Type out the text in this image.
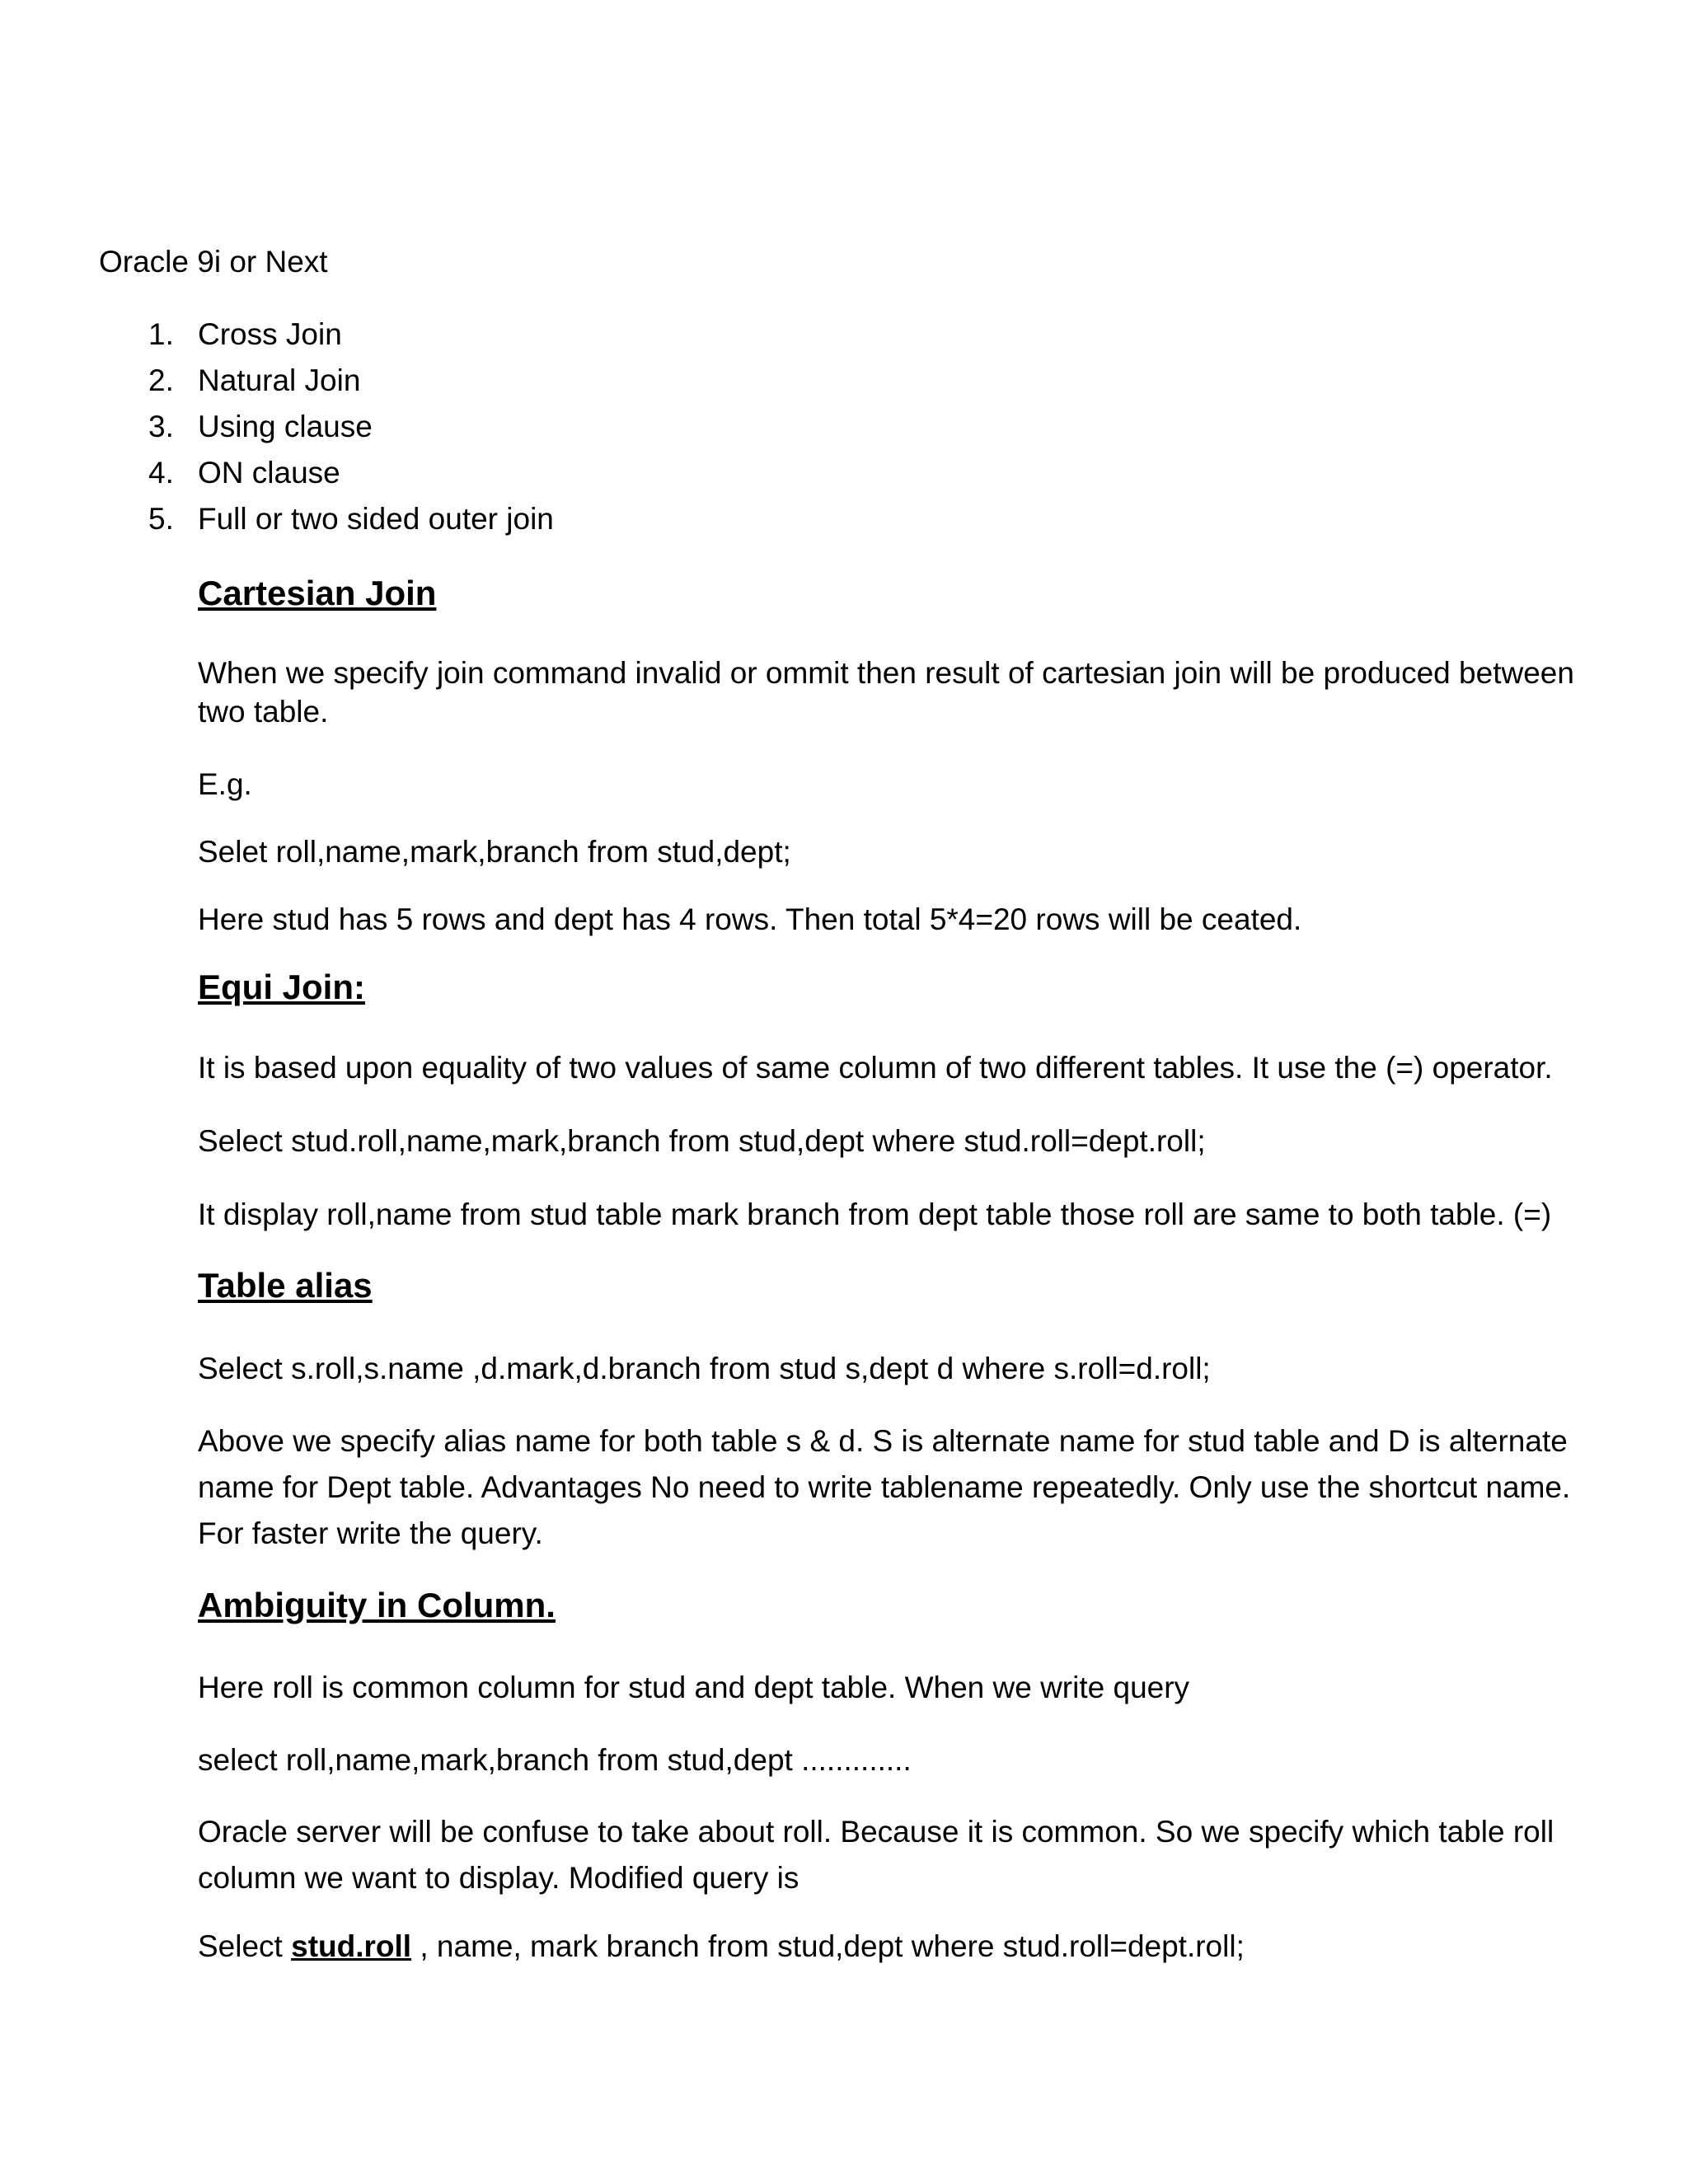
Oracle 9i or Next

1. Cross Join
2. Natural Join
3. Using clause
4. ON clause
5. Full or two sided outer join
Cartesian Join

When we specify join command invalid or ommit then result of cartesian join will be produced between two table.

E.g.

Selet roll,name,mark,branch from stud,dept;

Here stud has 5 rows and dept has 4 rows. Then total 5*4=20 rows will be ceated.

Equi Join:

It is based upon equality of two values of same column of two different tables. It use the (=) operator.

Select stud.roll,name,mark,branch from stud,dept where stud.roll=dept.roll;

It display roll,name from stud table mark branch from dept table those roll are same to both table. (=)

Table alias

Select s.roll,s.name ,d.mark,d.branch from stud s,dept d where s.roll=d.roll;

Above we specify alias name for both table s & d. S is alternate name for stud table and D is alternate name for Dept table. Advantages No need to write tablename repeatedly. Only use the shortcut name. For faster write the query.

Ambiguity in Column.

Here roll is common column for stud and dept table. When we write query

select roll,name,mark,branch from stud,dept .............

Oracle server will be confuse to take about roll. Because it is common. So we specify which table roll column we want to display. Modified query is

Select stud.roll , name, mark branch from stud,dept where stud.roll=dept.roll;
